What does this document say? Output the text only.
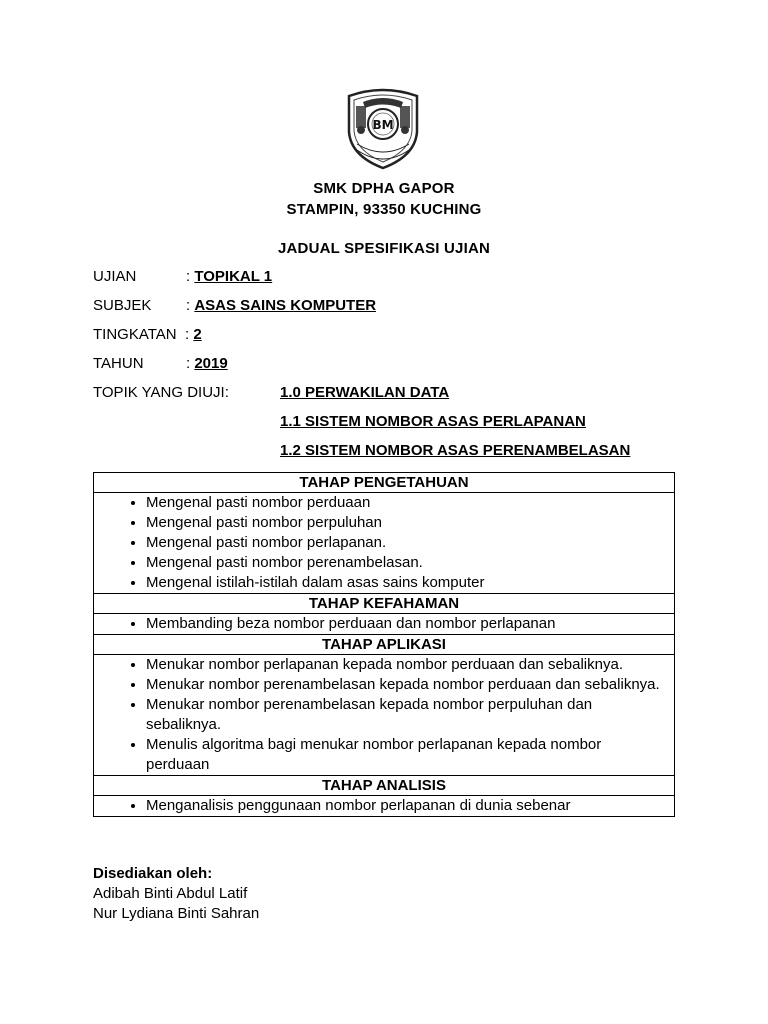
BM
SMK DPHA GAPOR
STAMPIN, 93350 KUCHING
JADUAL SPESIFIKASI UJIAN
UJIAN	: TOPIKAL 1
SUBJEK : ASAS SAINS KOMPUTER
TINGKATAN : 2
TAHUN	: 2019
TOPIK YANG DIUJI:	1.0 PERWAKILAN DATA
1.1 SISTEM NOMBOR ASAS PERLAPANAN
1.2 SISTEM NOMBOR ASAS PERENAMBELASAN
TAHAP PENGETAHUAN

• Mengenal pasti nombor perduaan
• Mengenal pasti nombor perpuluhan
• Mengenal pasti nombor perlapanan.
• Mengenal pasti nombor perenambelasan.
• Mengenal istilah-istilah dalam asas sains komputer

TAHAP KEFAHAMAN

• Membanding beza nombor perduaan dan nombor perlapanan

TAHAP APLIKASI

• Menukar nombor perlapanan kepada nombor perduaan dan sebaliknya.
• Menukar nombor perenambelasan kepada nombor perduaan dan sebaliknya.
• Menukar nombor perenambelasan kepada nombor perpuluhan dan sebaliknya.
• Menulis algoritma bagi menukar nombor perlapanan kepada nombor perduaan

TAHAP ANALISIS

• Menganalisis penggunaan nombor perlapanan di dunia sebenar
Disediakan oleh:
Adibah Binti Abdul Latif
Nur Lydiana Binti Sahran
